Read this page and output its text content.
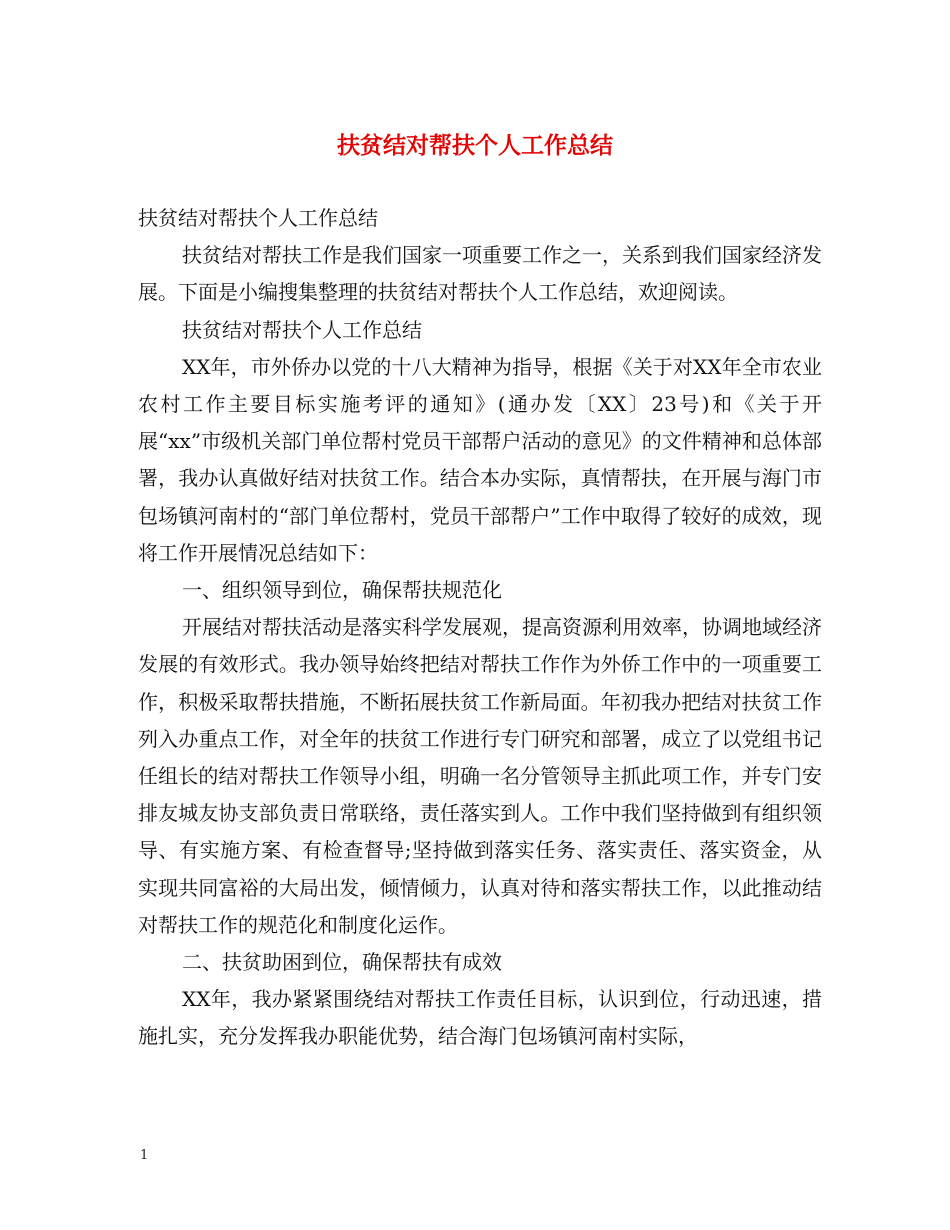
扶贫结对帮扶个人工作总结

扶贫结对帮扶个人工作总结

扶贫结对帮扶工作是我们国家一项重要工作之一，关系到我们国家经济发展。下面是小编搜集整理的扶贫结对帮扶个人工作总结，欢迎阅读。

扶贫结对帮扶个人工作总结

XX年，市外侨办以党的十八大精神为指导，根据《关于对XX年全市农业农村工作主要目标实施考评的通知》(通办发〔XX〕23号)和《关于开展“xx”市级机关部门单位帮村党员干部帮户活动的意见》的文件精神和总体部署，我办认真做好结对扶贫工作。结合本办实际，真情帮扶，在开展与海门市包场镇河南村的“部门单位帮村，党员干部帮户”工作中取得了较好的成效，现将工作开展情况总结如下：

一、组织领导到位，确保帮扶规范化

开展结对帮扶活动是落实科学发展观，提高资源利用效率，协调地域经济发展的有效形式。我办领导始终把结对帮扶工作作为外侨工作中的一项重要工作，积极采取帮扶措施，不断拓展扶贫工作新局面。年初我办把结对扶贫工作列入办重点工作，对全年的扶贫工作进行专门研究和部署，成立了以党组书记任组长的结对帮扶工作领导小组，明确一名分管领导主抓此项工作，并专门安排友城友协支部负责日常联络，责任落实到人。工作中我们坚持做到有组织领导、有实施方案、有检查督导;坚持做到落实任务、落实责任、落实资金，从实现共同富裕的大局出发，倾情倾力，认真对待和落实帮扶工作，以此推动结对帮扶工作的规范化和制度化运作。

二、扶贫助困到位，确保帮扶有成效

XX年，我办紧紧围绕结对帮扶工作责任目标，认识到位，行动迅速，措施扎实，充分发挥我办职能优势，结合海门包场镇河南村实际，

1
